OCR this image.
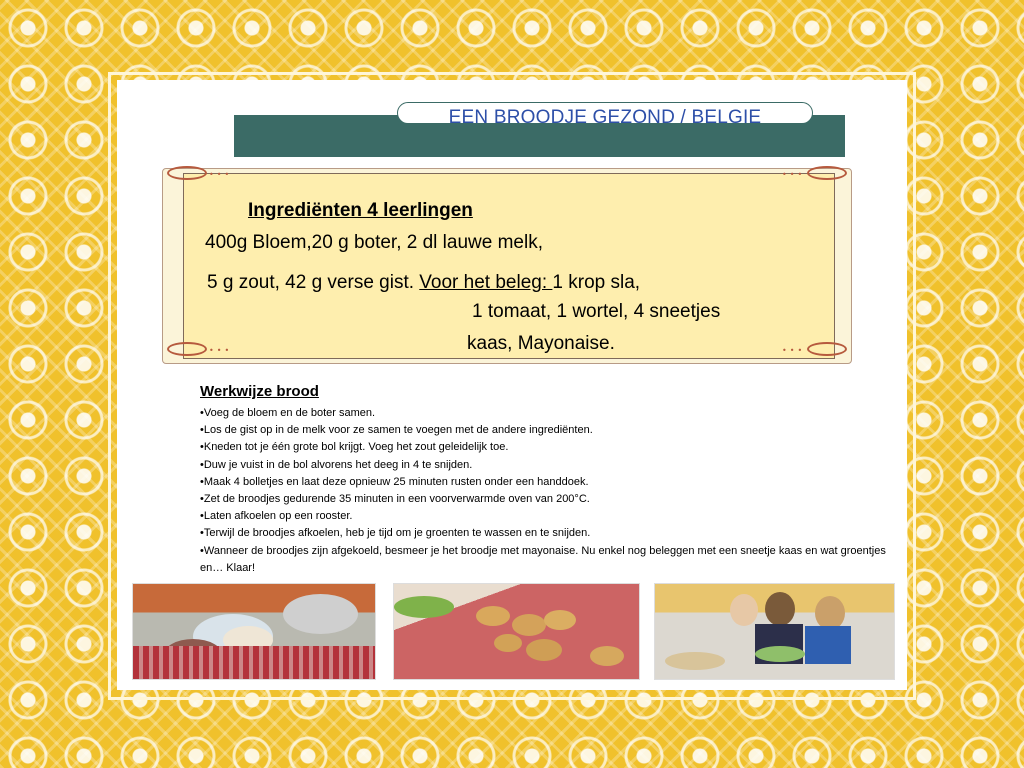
EEN BROODJE GEZOND / BELGIE
•••	•••
•••	•••
Ingrediënten 4 leerlingen
400g Bloem,20 g boter, 2 dl lauwe melk,
5 g zout, 42 g verse gist. Voor het beleg: 1 krop sla,
1 tomaat, 1 wortel, 4 sneetjes
kaas, Mayonaise.
Werkwijze brood
•Voeg de bloem en de boter samen.
•Los de gist op in de melk voor ze samen te voegen met de andere ingrediënten.
•Kneden tot je één grote bol krijgt. Voeg het zout geleidelijk toe.
•Duw je vuist in de bol alvorens het deeg in 4 te snijden.
•Maak 4 bolletjes en laat deze opnieuw 25 minuten rusten onder een handdoek.
•Zet de broodjes gedurende 35 minuten in een voorverwarmde oven van 200°C.
•Laten afkoelen op een rooster.
•Terwijl de broodjes afkoelen, heb je tijd om je groenten te wassen en te snijden.
•Wanneer de broodjes zijn afgekoeld, besmeer je het broodje met mayonaise. Nu enkel nog beleggen met een sneetje kaas en wat groentjes en… Klaar!
